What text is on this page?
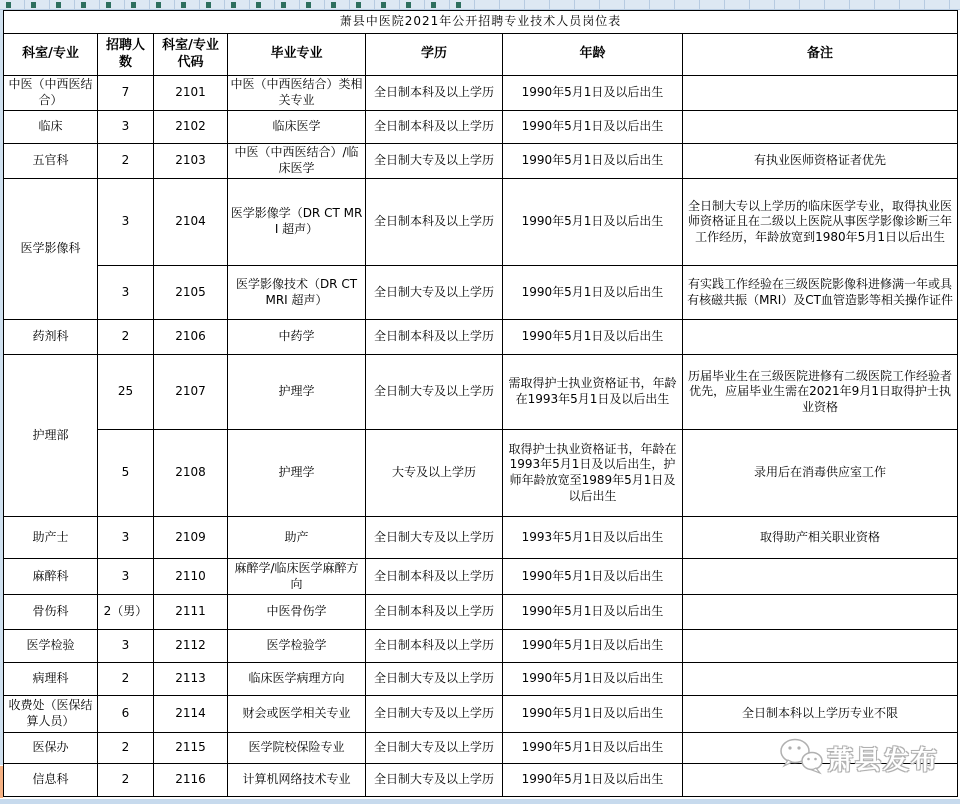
萧县中医院2021年公开招聘专业技术人员岗位表						
科室/专业	招聘人数	科室/专业代码	毕业专业	学历	年龄	备注
中医（中西医结合）	7	2101	中医（中西医结合）类相关专业	全日制本科及以上学历	1990年5月1日及以后出生	
临床	3	2102	临床医学	全日制本科及以上学历	1990年5月1日及以后出生	
五官科	2	2103	中医（中西医结合）/临床医学	全日制大专及以上学历	1990年5月1日及以后出生	有执业医师资格证者优先
医学影像科	3	2104	医学影像学（DR CT MRI 超声）	全日制本科及以上学历	1990年5月1日及以后出生	全日制大专以上学历的临床医学专业，取得执业医师资格证且在二级以上医院从事医学影像诊断三年工作经历，年龄放宽到1980年5月1日以后出生
	3	2105	医学影像技术（DR CT MRI 超声）	全日制大专及以上学历	1990年5月1日及以后出生	有实践工作经验在三级医院影像科进修满一年或具有核磁共振（MRI）及CT血管造影等相关操作证件
药剂科	2	2106	中药学	全日制本科及以上学历	1990年5月1日及以后出生	
护理部	25	2107	护理学	全日制大专及以上学历	需取得护士执业资格证书，年龄在1993年5月1日及以后出生	历届毕业生在三级医院进修有二级医院工作经验者优先，应届毕业生需在2021年9月1日取得护士执业资格
	5	2108	护理学	大专及以上学历	取得护士执业资格证书，年龄在1993年5月1日及以后出生，护师年龄放宽至1989年5月1日及以后出生	录用后在消毒供应室工作
助产士	3	2109	助产	全日制大专及以上学历	1993年5月1日及以后出生	取得助产相关职业资格
麻醉科	3	2110	麻醉学/临床医学麻醉方向	全日制本科及以上学历	1990年5月1日及以后出生	
骨伤科	2（男）	2111	中医骨伤学	全日制本科及以上学历	1990年5月1日及以后出生	
医学检验	3	2112	医学检验学	全日制本科及以上学历	1990年5月1日及以后出生	
病理科	2	2113	临床医学病理方向	全日制大专及以上学历	1990年5月1日及以后出生	
收费处（医保结算人员）	6	2114	财会或医学相关专业	全日制大专及以上学历	1990年5月1日及以后出生	全日制本科以上学历专业不限
医保办	2	2115	医学院校保险专业	全日制大专及以上学历	1990年5月1日及以后出生	
信息科	2	2116	计算机网络技术专业	全日制大专及以上学历	1990年5月1日及以后出生	
萧县发布
